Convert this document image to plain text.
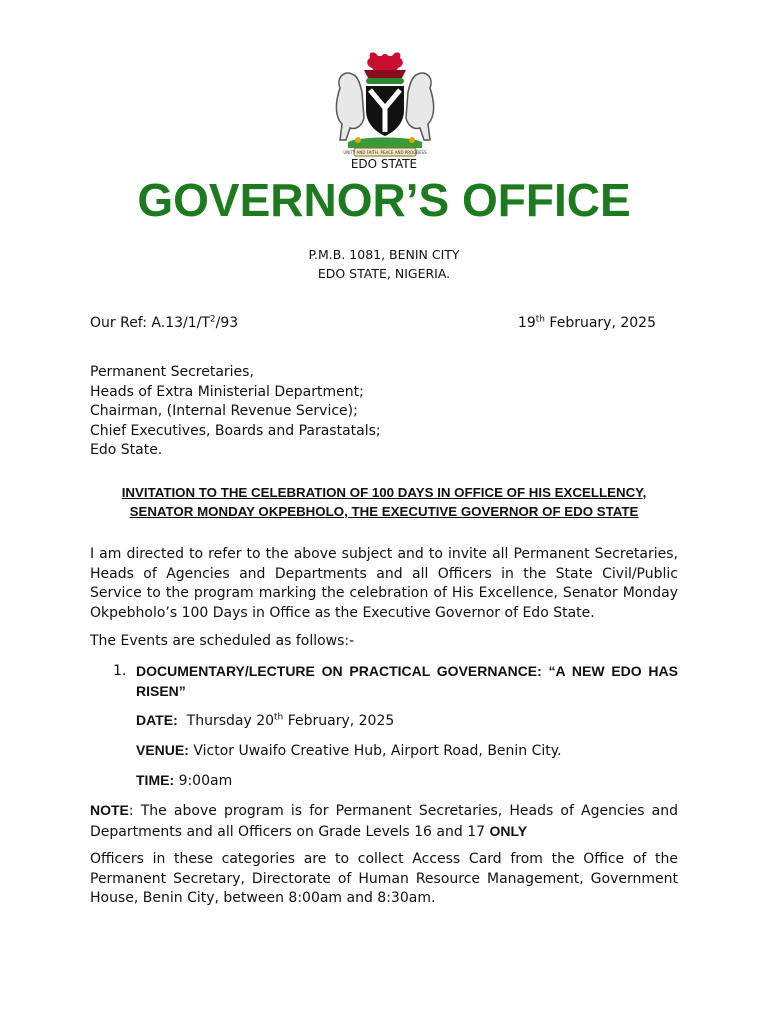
UNITY AND FAITH, PEACE AND PROGRESS
EDO STATE
GOVERNOR’S OFFICE
P.M.B. 1081, BENIN CITY
EDO STATE, NIGERIA.
Our Ref: $A.13/1/T^2/93$	19th February, 2025
Permanent Secretaries,
Heads of Extra Ministerial Department;
Chairman, (Internal Revenue Service);
Chief Executives, Boards and Parastatals;
Edo State.
INVITATION TO THE CELEBRATION OF 100 DAYS IN OFFICE OF HIS EXCELLENCY,
SENATOR MONDAY OKPEBHOLO, THE EXECUTIVE GOVERNOR OF EDO STATE
I am directed to refer to the above subject and to invite all Permanent Secretaries, Heads of Agencies and Departments and all Officers in the State Civil/Public Service to the program marking the celebration of His Excellence, Senator Monday Okpebholo’s 100 Days in Office as the Executive Governor of Edo State.
The Events are scheduled as follows:-
1. DOCUMENTARY/LECTURE ON PRACTICAL GOVERNANCE: “A NEW EDO HAS RISEN”
DATE: Thursday 20th February, 2025
VENUE: Victor Uwaifo Creative Hub, Airport Road, Benin City.
TIME: 9:00am
NOTE: The above program is for Permanent Secretaries, Heads of Agencies and Departments and all Officers on Grade Levels 16 and 17 ONLY
Officers in these categories are to collect Access Card from the Office of the Permanent Secretary, Directorate of Human Resource Management, Government House, Benin City, between 8:00am and 8:30am.
